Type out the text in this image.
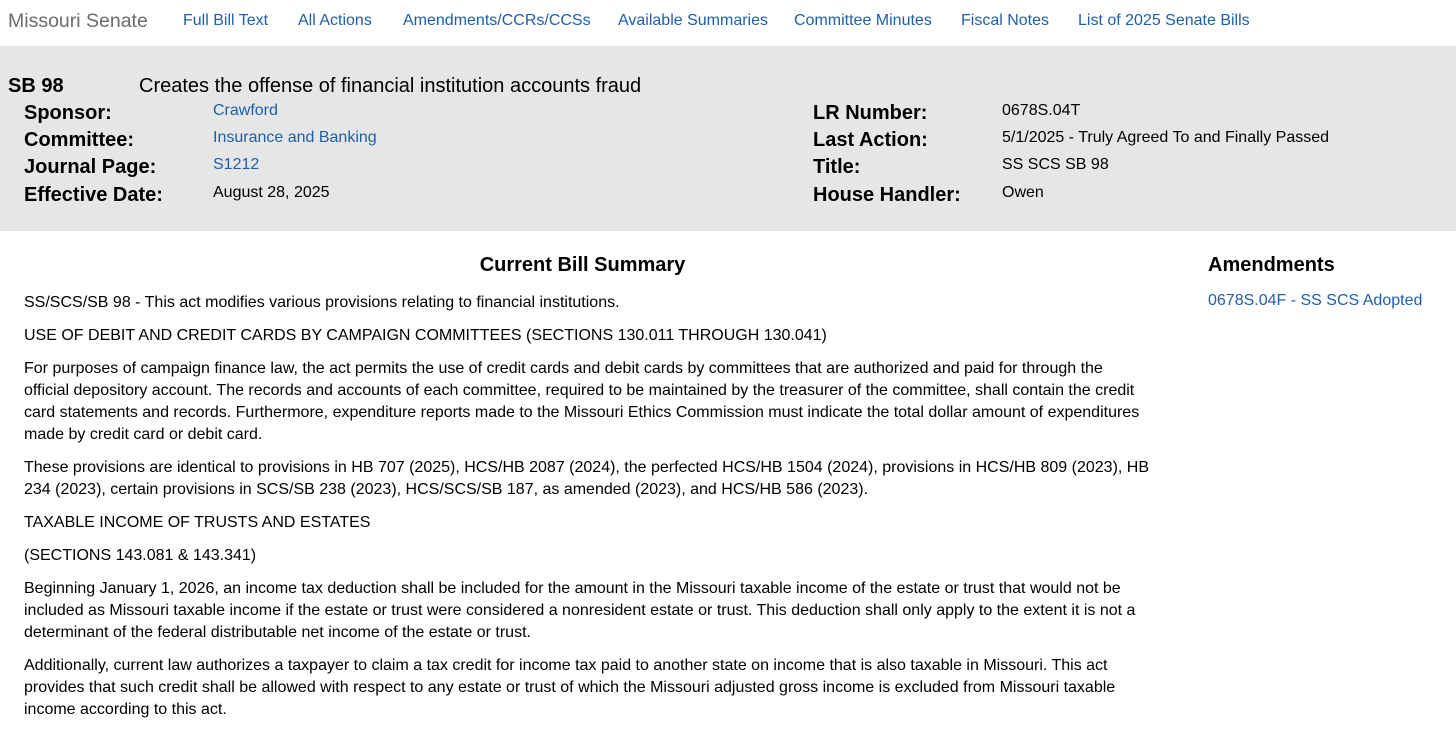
Missouri Senate Full Bill Text All Actions Amendments/CCRs/CCSs Available Summaries Committee Minutes Fiscal Notes List of 2025 Senate Bills
SB 98	Creates the offense of financial institution accounts fraud
Sponsor:	Crawford
Committee:	Insurance and Banking
Journal Page:	S1212
Effective Date:	August 28, 2025
LR Number:	0678S.04T
Last Action:	5/1/2025 - Truly Agreed To and Finally Passed
Title:	SS SCS SB 98
House Handler:	Owen
Current Bill Summary

SS/SCS/SB 98 - This act modifies various provisions relating to financial institutions.

USE OF DEBIT AND CREDIT CARDS BY CAMPAIGN COMMITTEES (SECTIONS 130.011 THROUGH 130.041)

For purposes of campaign finance law, the act permits the use of credit cards and debit cards by committees that are authorized and paid for through the official depository account. The records and accounts of each committee, required to be maintained by the treasurer of the committee, shall contain the credit card statements and records. Furthermore, expenditure reports made to the Missouri Ethics Commission must indicate the total dollar amount of expenditures made by credit card or debit card.

These provisions are identical to provisions in HB 707 (2025), HCS/HB 2087 (2024), the perfected HCS/HB 1504 (2024), provisions in HCS/HB 809 (2023), HB 234 (2023), certain provisions in SCS/SB 238 (2023), HCS/SCS/SB 187, as amended (2023), and HCS/HB 586 (2023).

TAXABLE INCOME OF TRUSTS AND ESTATES

(SECTIONS 143.081 & 143.341)

Beginning January 1, 2026, an income tax deduction shall be included for the amount in the Missouri taxable income of the estate or trust that would not be included as Missouri taxable income if the estate or trust were considered a nonresident estate or trust. This deduction shall only apply to the extent it is not a determinant of the federal distributable net income of the estate or trust.

Additionally, current law authorizes a taxpayer to claim a tax credit for income tax paid to another state on income that is also taxable in Missouri. This act provides that such credit shall be allowed with respect to any estate or trust of which the Missouri adjusted gross income is excluded from Missouri taxable income according to this act.

Amendments
0678S.04F - SS SCS Adopted
